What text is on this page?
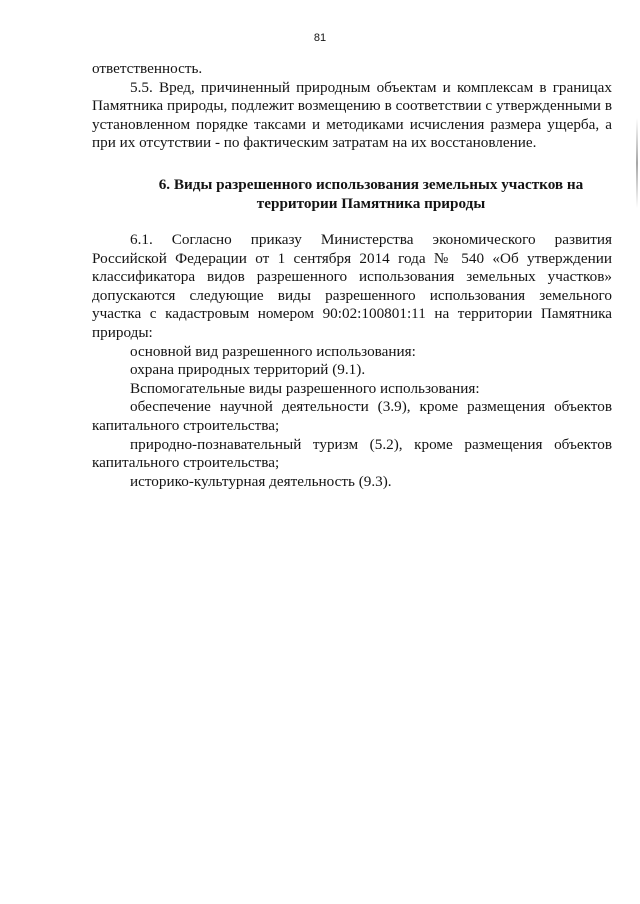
81

ответственность.

5.5. Вред, причиненный природным объектам и комплексам в границах Памятника природы, подлежит возмещению в соответствии с утвержденными в установленном порядке таксами и методиками исчисления размера ущерба, а при их отсутствии - по фактическим затратам на их восстановление.

6. Виды разрешенного использования земельных участков на
территории Памятника природы

6.1. Согласно приказу Министерства экономического развития Российской Федерации от 1 сентября 2014 года № 540 «Об утверждении классификатора видов разрешенного использования земельных участков» допускаются следующие виды разрешенного использования земельного участка с кадастровым номером 90:02:100801:11 на территории Памятника природы:

основной вид разрешенного использования:

охрана природных территорий (9.1).

Вспомогательные виды разрешенного использования:

обеспечение научной деятельности (3.9), кроме размещения объектов капитального строительства;

природно-познавательный туризм (5.2), кроме размещения объектов капитального строительства;

историко-культурная деятельность (9.3).
